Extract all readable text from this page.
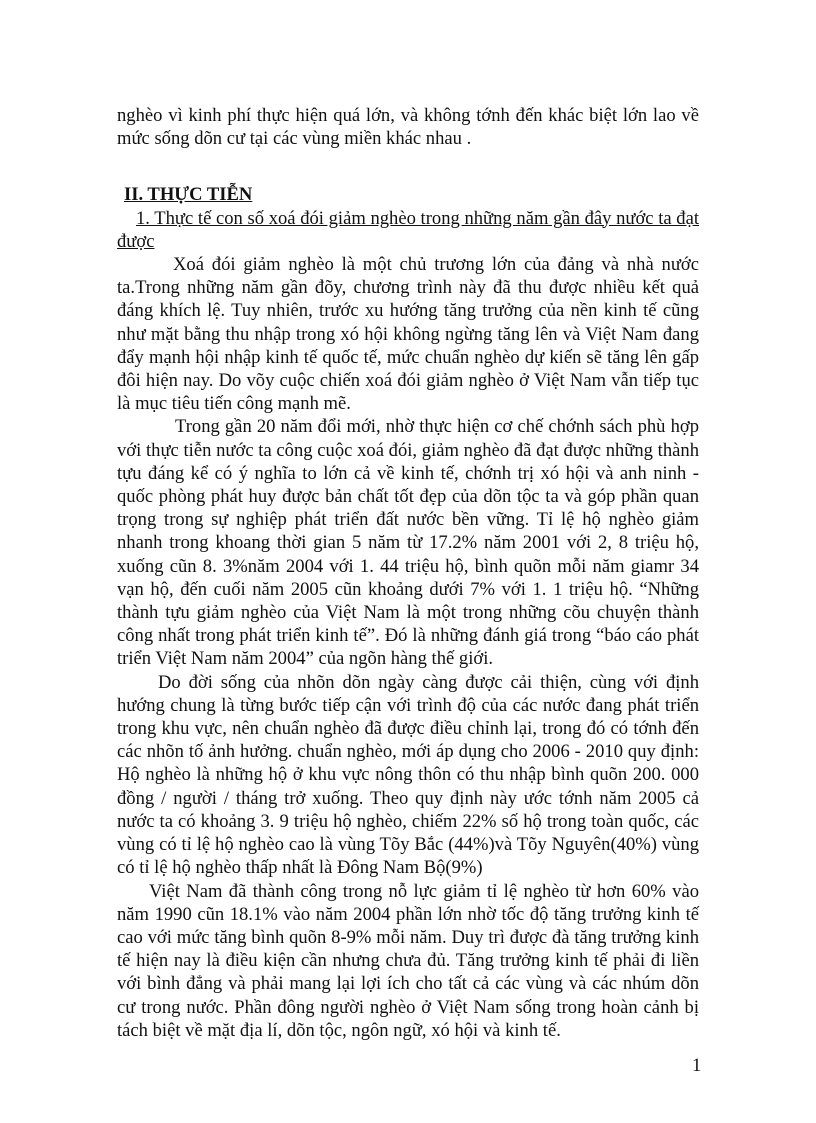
nghèo vì kinh phí thực hiện quá lớn, và không tớnh đến khác biệt lớn lao về mức sống dõn cư tại các vùng miền khác nhau .

II. THỰC TIỄN

1. Thực tế con số xoá đói giảm nghèo trong những năm gần đây nước ta đạt được

Xoá đói giảm nghèo là một chủ trương lớn của đảng và nhà nước ta.Trong những năm gần đõy, chương trình này đã thu được nhiều kết quả đáng khích lệ. Tuy nhiên, trước xu hướng tăng trưởng của nền kinh tế cũng như mặt bằng thu nhập trong xó hội không ngừng tăng lên và Việt Nam đang đẩy mạnh hội nhập kinh tế quốc tế, mức chuẩn nghèo dự kiến sẽ tăng lên gấp đôi hiện nay. Do võy cuộc chiến xoá đói giảm nghèo ở Việt Nam vẫn tiếp tục là mục tiêu tiến công mạnh mẽ.

Trong gần 20 năm đổi mới, nhờ thực hiện cơ chế chớnh sách phù hợp với thực tiễn nước ta công cuộc xoá đói, giảm nghèo đã đạt được những thành tựu đáng kể có ý nghĩa to lớn cả về kinh tế, chớnh trị xó hội và anh ninh - quốc phòng phát huy được bản chất tốt đẹp của dõn tộc ta và góp phần quan trọng trong sự nghiệp phát triển đất nước bền vững. Tỉ lệ hộ nghèo giảm nhanh trong khoang thời gian 5 năm từ 17.2% năm 2001 với 2, 8 triệu hộ, xuống cũn 8. 3%năm 2004 với 1. 44 triệu hộ, bình quõn mỗi năm giamr 34 vạn hộ, đến cuối năm 2005 cũn khoảng dưới 7% với 1. 1 triệu hộ. “Những thành tựu giảm nghèo của Việt Nam là một trong những cõu chuyện thành công nhất trong phát triển kinh tế”. Đó là những đánh giá trong “báo cáo phát triển Việt Nam năm 2004” của ngõn hàng thế giới.

Do đời sống của nhõn dõn ngày càng được cải thiện, cùng với định hướng chung là từng bước tiếp cận với trình độ của các nước đang phát triển trong khu vực, nên chuẩn nghèo đã được điều chỉnh lại, trong đó có tớnh đến các nhõn tố ảnh hưởng. chuẩn nghèo, mới áp dụng cho 2006 - 2010 quy định: Hộ nghèo là những hộ ở khu vực nông thôn có thu nhập bình quõn 200. 000 đồng / người / tháng trở xuống. Theo quy định này ước tớnh năm 2005 cả nước ta có khoảng 3. 9 triệu hộ nghèo, chiếm 22% số hộ trong toàn quốc, các vùng có tỉ lệ hộ nghèo cao là vùng Tõy Bắc (44%)và Tõy Nguyên(40%) vùng có tỉ lệ hộ nghèo thấp nhất là Đông Nam Bộ(9%)

Việt Nam đã thành công trong nỗ lực giảm tỉ lệ nghèo từ hơn 60% vào năm 1990 cũn 18.1% vào năm 2004 phần lớn nhờ tốc độ tăng trưởng kinh tế cao với mức tăng bình quõn 8-9% mỗi năm. Duy trì được đà tăng trưởng kinh tế hiện nay là điều kiện cần nhưng chưa đủ. Tăng trưởng kinh tế phải đi liền với bình đẳng và phải mang lại lợi ích cho tất cả các vùng và các nhúm dõn cư trong nước. Phần đông người nghèo ở Việt Nam sống trong hoàn cảnh bị tách biệt về mặt địa lí, dõn tộc, ngôn ngữ, xó hội và kinh tế.

1
